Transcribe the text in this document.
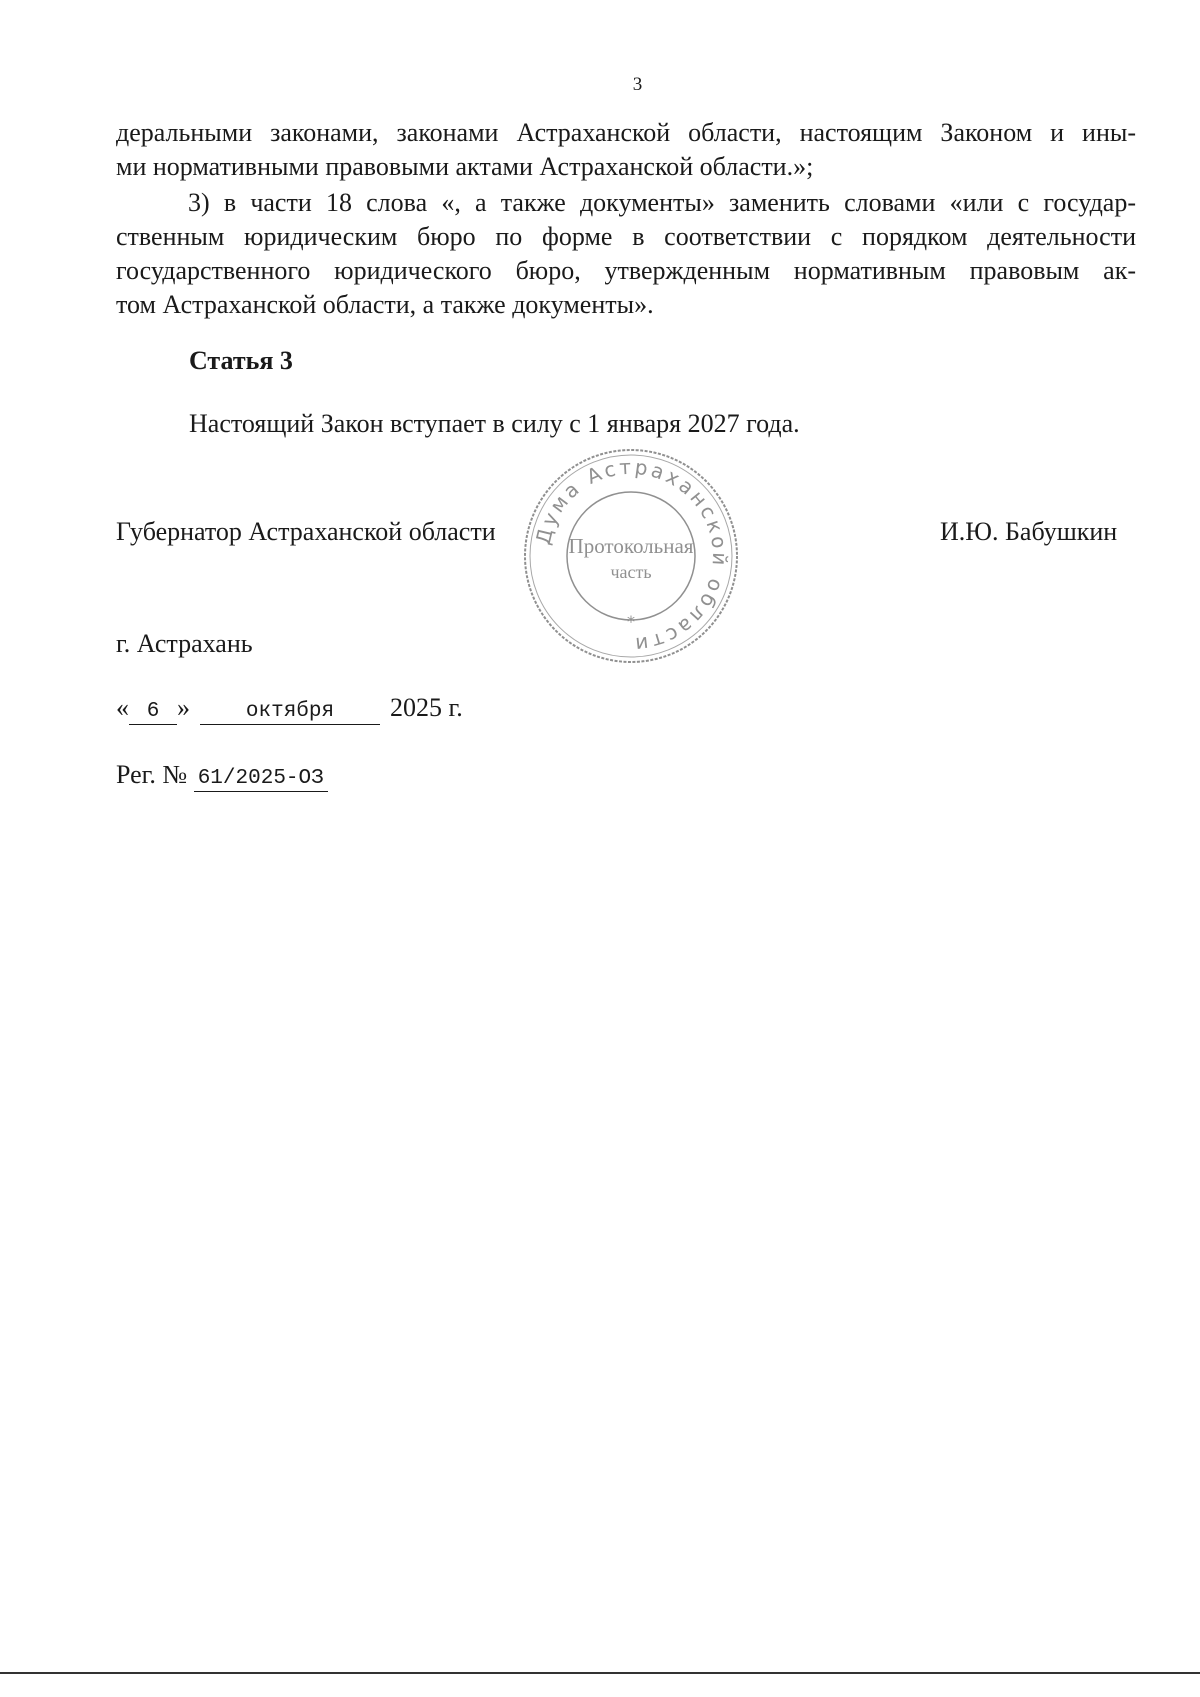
3
деральными законами, законами Астраханской области, настоящим Законом и ины-
ми нормативными правовыми актами Астраханской области.»;
3) в части 18 слова «, а также документы» заменить словами «или с государ-
ственным юридическим бюро по форме в соответствии с порядком деятельности
государственного юридического бюро, утвержденным нормативным правовым ак-
том Астраханской области, а также документы».
Статья 3
Настоящий Закон вступает в силу с 1 января 2027 года.
Губернатор Астраханской области	И.Ю. Бабушкин
Дума Астраханской области
*
Протокольная
часть
г. Астрахань
« 6 »	октября 2025 г.
Рег. № 61/2025-ОЗ
